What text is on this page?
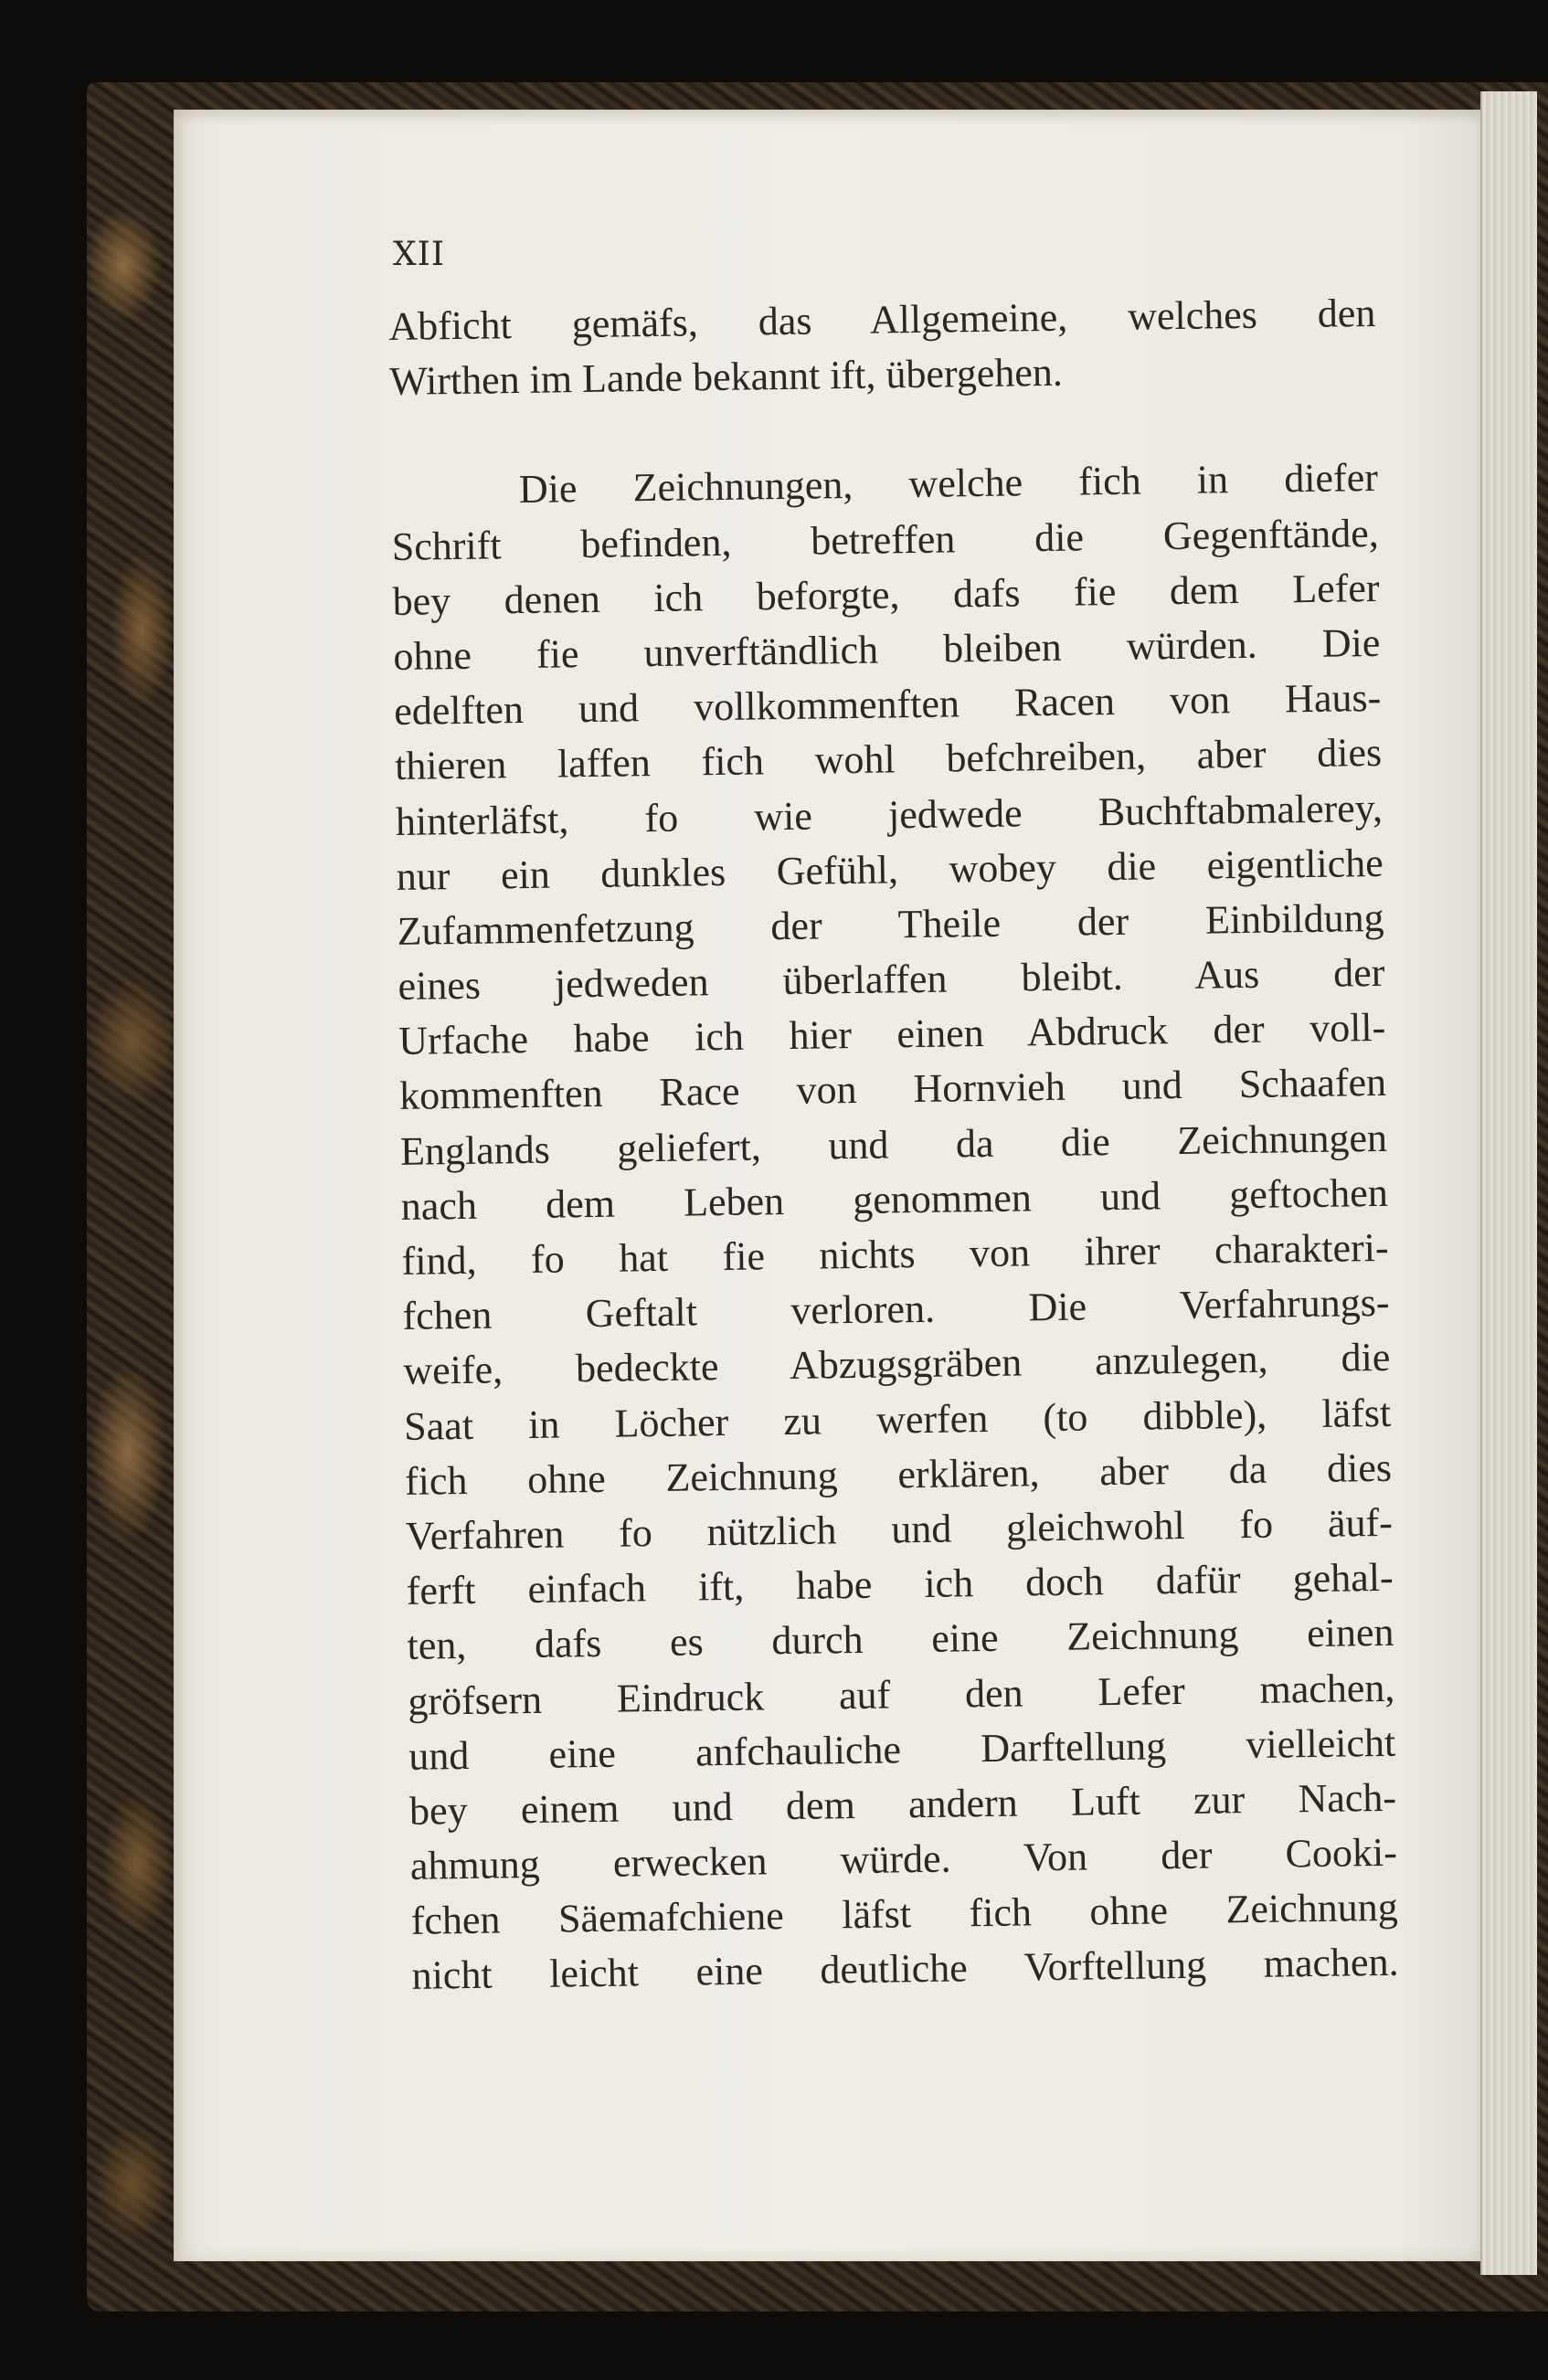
XII
Abficht gemäfs, das Allgemeine, welches den
Wirthen im Lande bekannt ift, übergehen.
Die Zeichnungen, welche fich in diefer
Schrift befinden, betreffen die Gegenftände,
bey denen ich beforgte, dafs fie dem Lefer
ohne fie unverftändlich bleiben würden. Die
edelften und vollkommenften Racen von Haus-
thieren laffen fich wohl befchreiben, aber dies
hinterläfst, fo wie jedwede Buchftabmalerey,
nur ein dunkles Gefühl, wobey die eigentliche
Zufammenfetzung der Theile der Einbildung
eines jedweden überlaffen bleibt. Aus der
Urfache habe ich hier einen Abdruck der voll-
kommenften Race von Hornvieh und Schaafen
Englands geliefert, und da die Zeichnungen
nach dem Leben genommen und geftochen
find, fo hat fie nichts von ihrer charakteri-
fchen Geftalt verloren. Die Verfahrungs-
weife, bedeckte Abzugsgräben anzulegen, die
Saat in Löcher zu werfen (to dibble), läfst
fich ohne Zeichnung erklären, aber da dies
Verfahren fo nützlich und gleichwohl fo äuf-
ferft einfach ift, habe ich doch dafür gehal-
ten, dafs es durch eine Zeichnung einen
gröfsern Eindruck auf den Lefer machen,
und eine anfchauliche Darftellung vielleicht
bey einem und dem andern Luft zur Nach-
ahmung erwecken würde. Von der Cooki-
fchen Säemafchiene läfst fich ohne Zeichnung
nicht leicht eine deutliche Vorftellung machen.
